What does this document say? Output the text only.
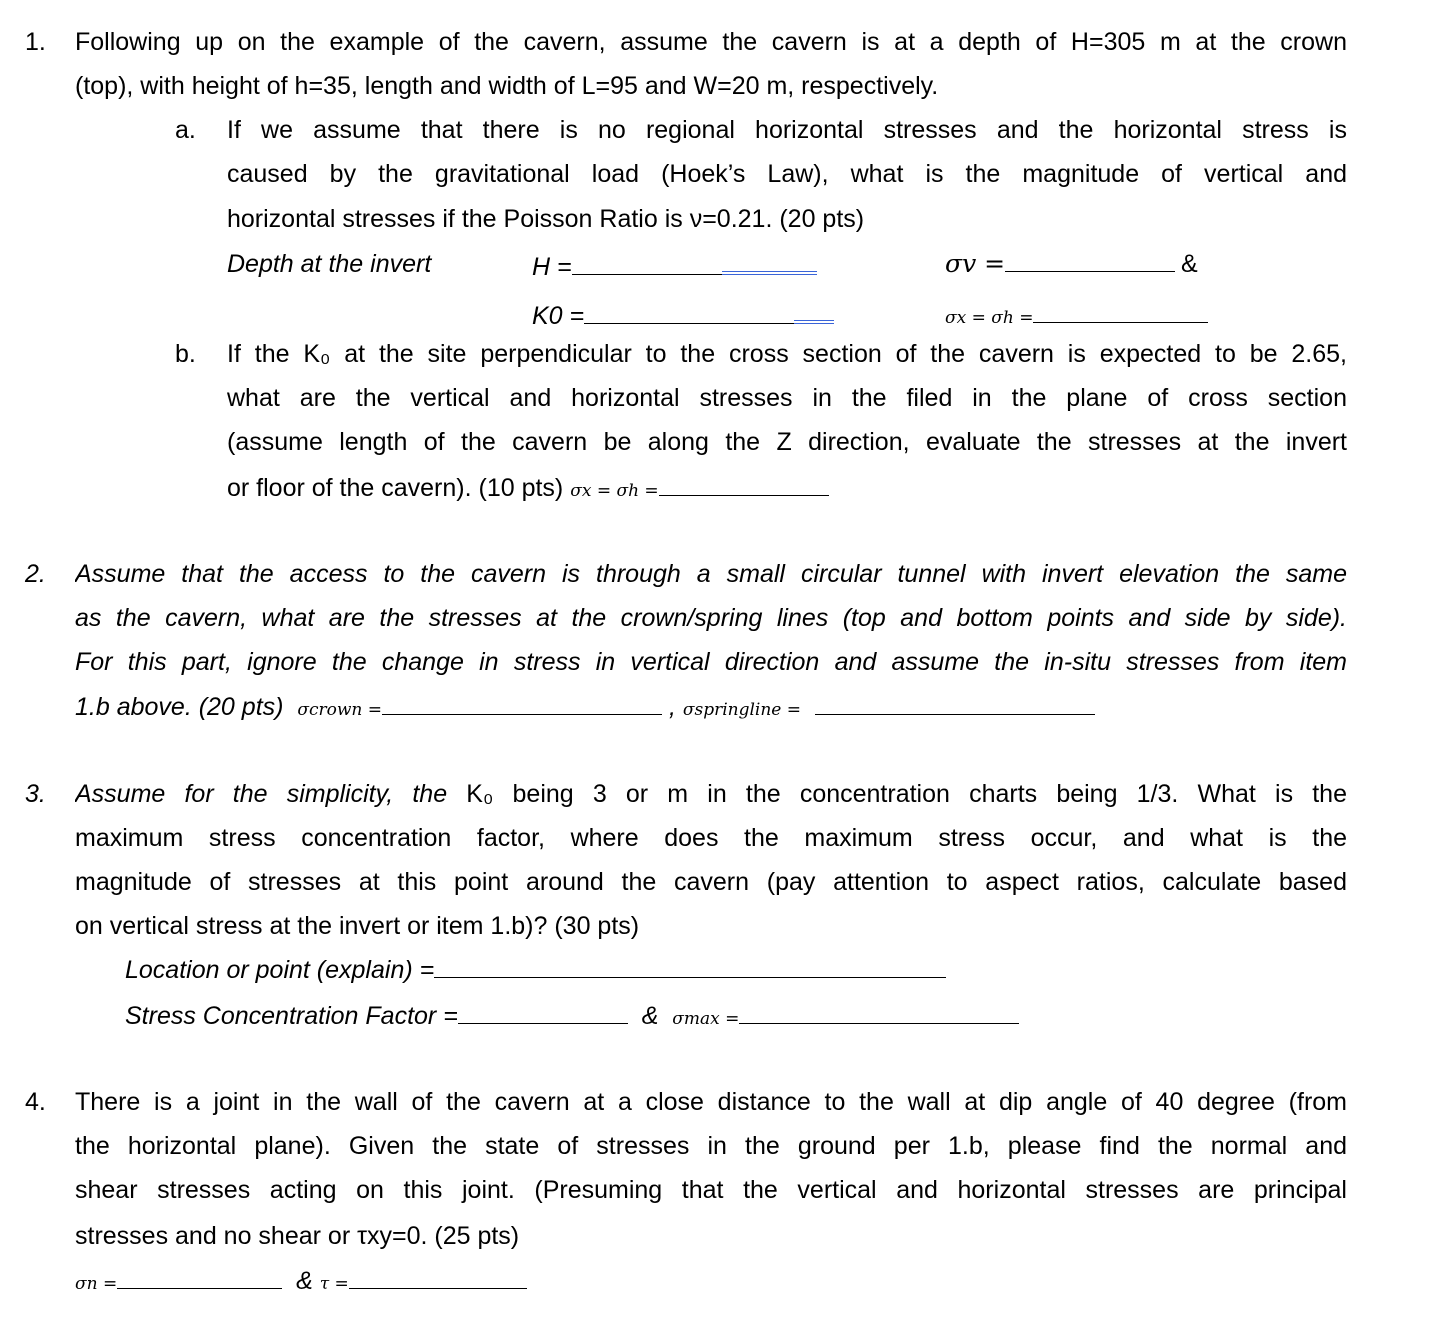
1. Following up on the example of the cavern, assume the cavern is at a depth of H=305 m at the crown
(top), with height of h=35, length and width of L=95 and W=20 m, respectively.
a. If we assume that there is no regional horizontal stresses and the horizontal stress is
caused by the gravitational load (Hoek’s Law), what is the magnitude of vertical and
horizontal stresses if the Poisson Ratio is ν=0.21. (20 pts)
Depth at the invert	H =	σv =	&
K0 =	σx = σh =
b. If the K₀ at the site perpendicular to the cross section of the cavern is expected to be 2.65,
what are the vertical and horizontal stresses in the filed in the plane of cross section
(assume length of the cavern be along the Z direction, evaluate the stresses at the invert
or floor of the cavern). (10 pts) σx = σh =
2. Assume that the access to the cavern is through a small circular tunnel with invert elevation the same
as the cavern, what are the stresses at the crown/spring lines (top and bottom points and side by side).
For this part, ignore the change in stress in vertical direction and assume the in-situ stresses from item
1.b above. (20 pts) σcrown =	, σspringline =
3. Assume for the simplicity, the K₀ being 3 or m in the concentration charts being 1/3. What is the
maximum stress concentration factor, where does the maximum stress occur, and what is the
magnitude of stresses at this point around the cavern (pay attention to aspect ratios, calculate based
on vertical stress at the invert or item 1.b)? (30 pts)
Location or point (explain) =
Stress Concentration Factor =	& σmax =
4. There is a joint in the wall of the cavern at a close distance to the wall at dip angle of 40 degree (from
the horizontal plane). Given the state of stresses in the ground per 1.b, please find the normal and
shear stresses acting on this joint. (Presuming that the vertical and horizontal stresses are principal
stresses and no shear or τxy=0. (25 pts)
σn =	& τ =
